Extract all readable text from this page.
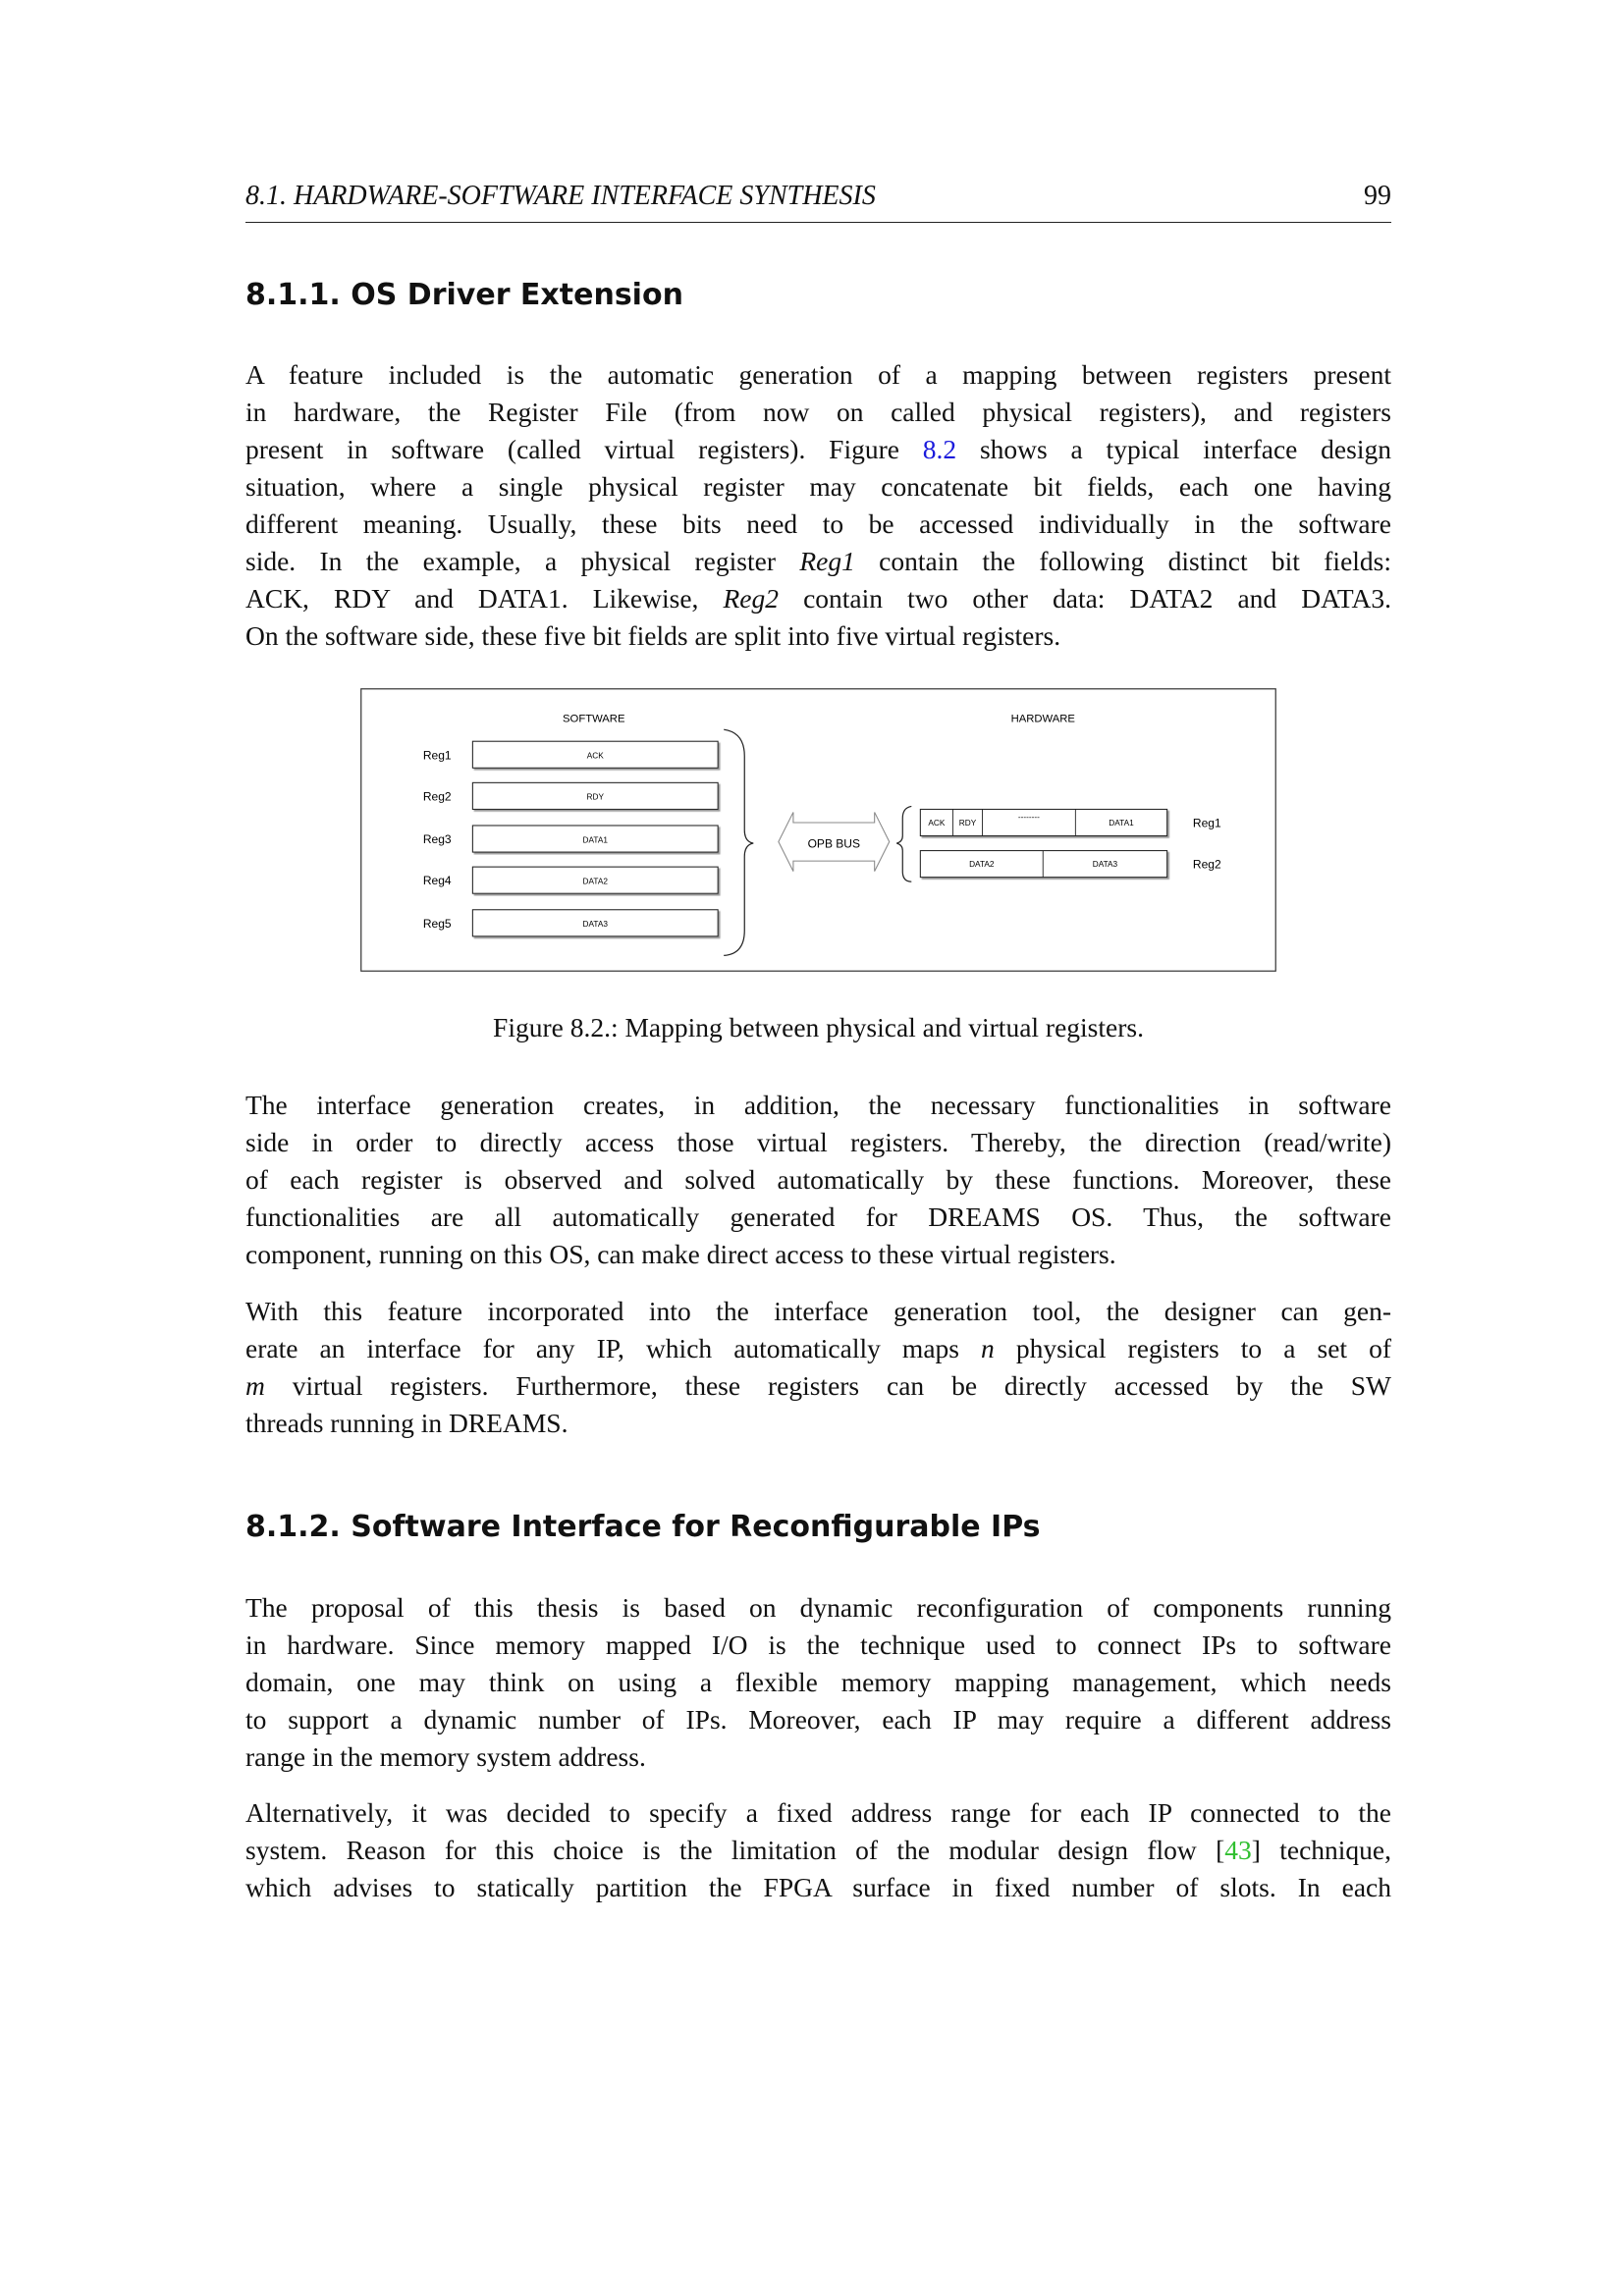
8.1. HARDWARE-SOFTWARE INTERFACE SYNTHESIS	99
8.1.1. OS Driver Extension
A feature included is the automatic generation of a mapping between registers present
in hardware, the Register File (from now on called physical registers), and registers
present in software (called virtual registers). Figure 8.2 shows a typical interface design
situation, where a single physical register may concatenate bit fields, each one having
different meaning. Usually, these bits need to be accessed individually in the software
side. In the example, a physical register Reg1 contain the following distinct bit fields:
ACK, RDY and DATA1. Likewise, Reg2 contain two other data: DATA2 and DATA3.
On the software side, these five bit fields are split into five virtual registers.
SOFTWARE	HARDWARE
Reg1	ACK
Reg2	RDY
Reg3	DATA1
Reg4	DATA2
Reg5	DATA3
OPB BUS
ACK	RDY
--------
DATA1	Reg1
DATA2	DATA3	Reg2
Figure 8.2.: Mapping between physical and virtual registers.
The interface generation creates, in addition, the necessary functionalities in software
side in order to directly access those virtual registers. Thereby, the direction (read/write)
of each register is observed and solved automatically by these functions. Moreover, these
functionalities are all automatically generated for DREAMS OS. Thus, the software
component, running on this OS, can make direct access to these virtual registers.
With this feature incorporated into the interface generation tool, the designer can gen-
erate an interface for any IP, which automatically maps n physical registers to a set of
m virtual registers. Furthermore, these registers can be directly accessed by the SW
threads running in DREAMS.
8.1.2. Software Interface for Reconfigurable IPs
The proposal of this thesis is based on dynamic reconfiguration of components running
in hardware. Since memory mapped I/O is the technique used to connect IPs to software
domain, one may think on using a flexible memory mapping management, which needs
to support a dynamic number of IPs. Moreover, each IP may require a different address
range in the memory system address.
Alternatively, it was decided to specify a fixed address range for each IP connected to the
system. Reason for this choice is the limitation of the modular design flow [43] technique,
which advises to statically partition the FPGA surface in fixed number of slots. In each
